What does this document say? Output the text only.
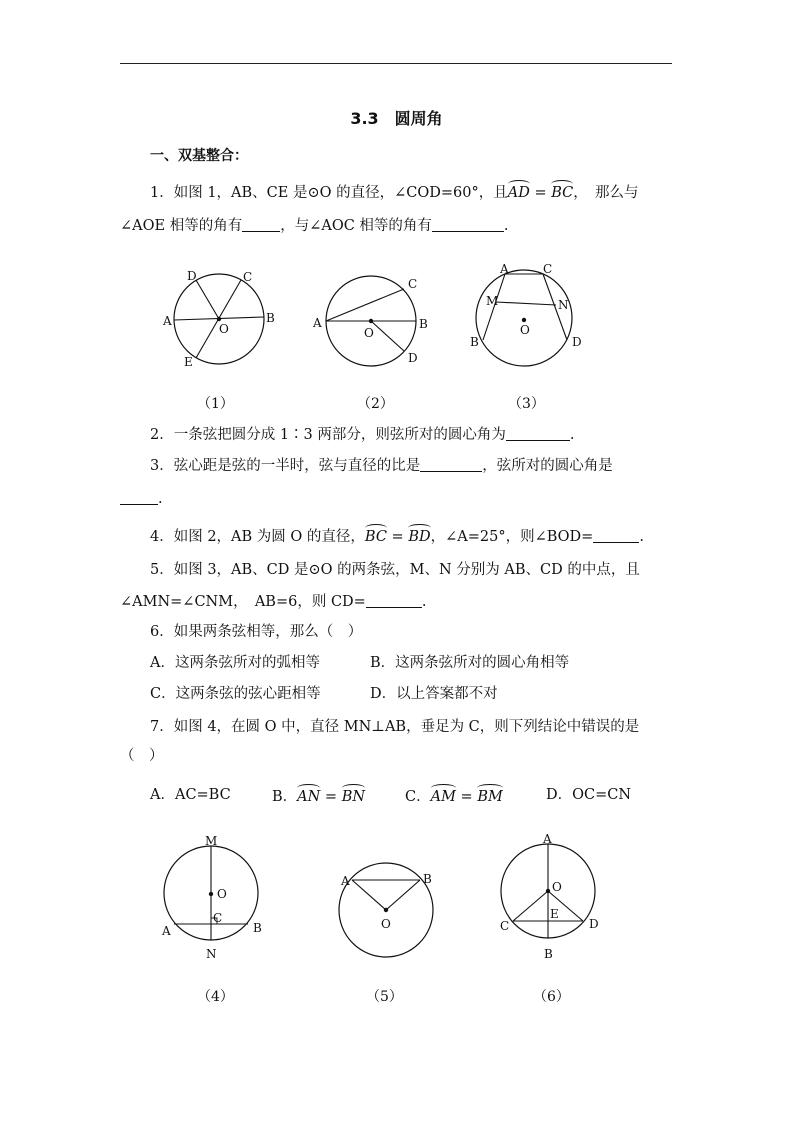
3.3　圆周角
一、双基整合：
1．如图 1，AB、CE 是⊙O 的直径，∠COD=60°，且AD = BC，　那么与
∠AOE 相等的角有	，与∠AOC 相等的角有	.
A	B
C
D
E
O	A	B
C
D
O
A	C
M	N
B	D
O
（1）	（2）	（3）
2．一条弦把圆分成 1∶3 两部分，则弦所对的圆心角为	.
3．弦心距是弦的一半时，弦与直径的比是	，弦所对的圆心角是
.
4．如图 2，AB 为圆 O 的直径，BC = BD，∠A=25°，则∠BOD=	.
5．如图 3，AB、CD 是⊙O 的两条弦，M、N 分别为 AB、CD 的中点，且
∠AMN=∠CNM，　AB=6，则 CD=	.
6．如果两条弦相等，那么（　）
A．这两条弦所对的弧相等	B．这两条弦所对的圆心角相等
C．这两条弦的弦心距相等	D．以上答案都不对
7．如图 4，在圆 O 中，直径 MN⊥AB，垂足为 C，则下列结论中错误的是
（　）
A．AC=BC	B．AN = BN	C．AM = BM	D．OC=CN
M
O
C
A	B
N
A	B
O
A
O
E
C	D
B
（4）	（5）	（6）
